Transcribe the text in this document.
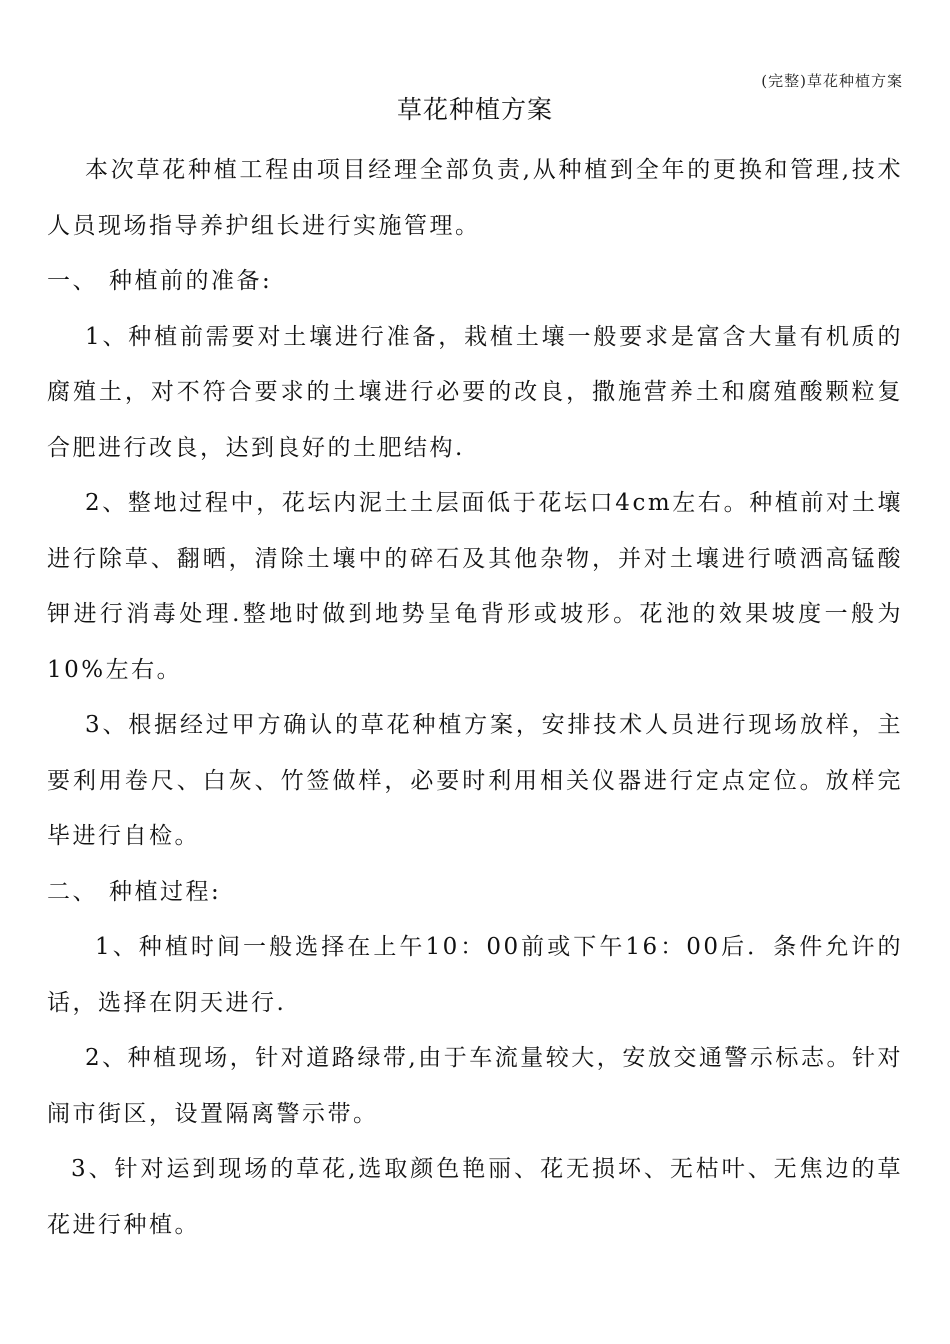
(完整)草花种植方案
草花种植方案

本次草花种植工程由项目经理全部负责,从种植到全年的更换和管理,技术人员现场指导养护组长进行实施管理。

一、 种植前的准备:

1、种植前需要对土壤进行准备，栽植土壤一般要求是富含大量有机质的腐殖土，对不符合要求的土壤进行必要的改良，撒施营养土和腐殖酸颗粒复合肥进行改良，达到良好的土肥结构.

2、整地过程中，花坛内泥土土层面低于花坛口4cm左右。种植前对土壤进行除草、翻晒，清除土壤中的碎石及其他杂物，并对土壤进行喷洒高锰酸钾进行消毒处理.整地时做到地势呈龟背形或坡形。花池的效果坡度一般为10%左右。

3、根据经过甲方确认的草花种植方案，安排技术人员进行现场放样，主要利用卷尺、白灰、竹签做样，必要时利用相关仪器进行定点定位。放样完毕进行自检。

二、 种植过程:

1、种植时间一般选择在上午10：00前或下午16：00后．条件允许的话，选择在阴天进行.

2、种植现场，针对道路绿带,由于车流量较大，安放交通警示标志。针对闹市街区，设置隔离警示带。

3、针对运到现场的草花,选取颜色艳丽、花无损坏、无枯叶、无焦边的草花进行种植。
